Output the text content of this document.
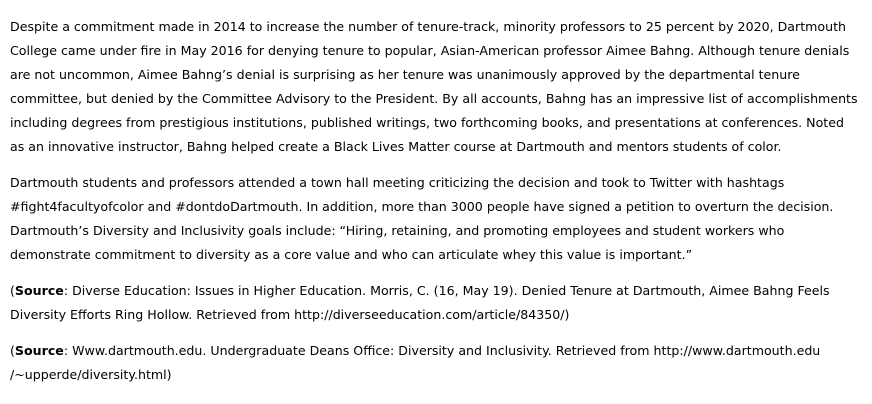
Despite a commitment made in 2014 to increase the number of tenure-track, minority professors to 25 percent by 2020, Dartmouth College came under fire in May 2016 for denying tenure to popular, Asian-American professor Aimee Bahng. Although tenure denials are not uncommon, Aimee Bahng’s denial is surprising as her tenure was unanimously approved by the departmental tenure committee, but denied by the Committee Advisory to the President. By all accounts, Bahng has an impressive list of accomplishments including degrees from prestigious institutions, published writings, two forthcoming books, and presentations at conferences. Noted as an innovative instructor, Bahng helped create a Black Lives Matter course at Dartmouth and mentors students of color.

Dartmouth students and professors attended a town hall meeting criticizing the decision and took to Twitter with hashtags #fight4facultyofcolor and #dontdoDartmouth. In addition, more than 3000 people have signed a petition to overturn the decision. Dartmouth’s Diversity and Inclusivity goals include: “Hiring, retaining, and promoting employees and student workers who demonstrate commitment to diversity as a core value and who can articulate whey this value is important.”

(Source: Diverse Education: Issues in Higher Education. Morris, C. (16, May 19). Denied Tenure at Dartmouth, Aimee Bahng Feels Diversity Efforts Ring Hollow. Retrieved from http://diverseeducation.com/article/84350/)

(Source: Www.dartmouth.edu. Undergraduate Deans Office: Diversity and Inclusivity. Retrieved from http://www.dartmouth.edu /~upperde/diversity.html)
